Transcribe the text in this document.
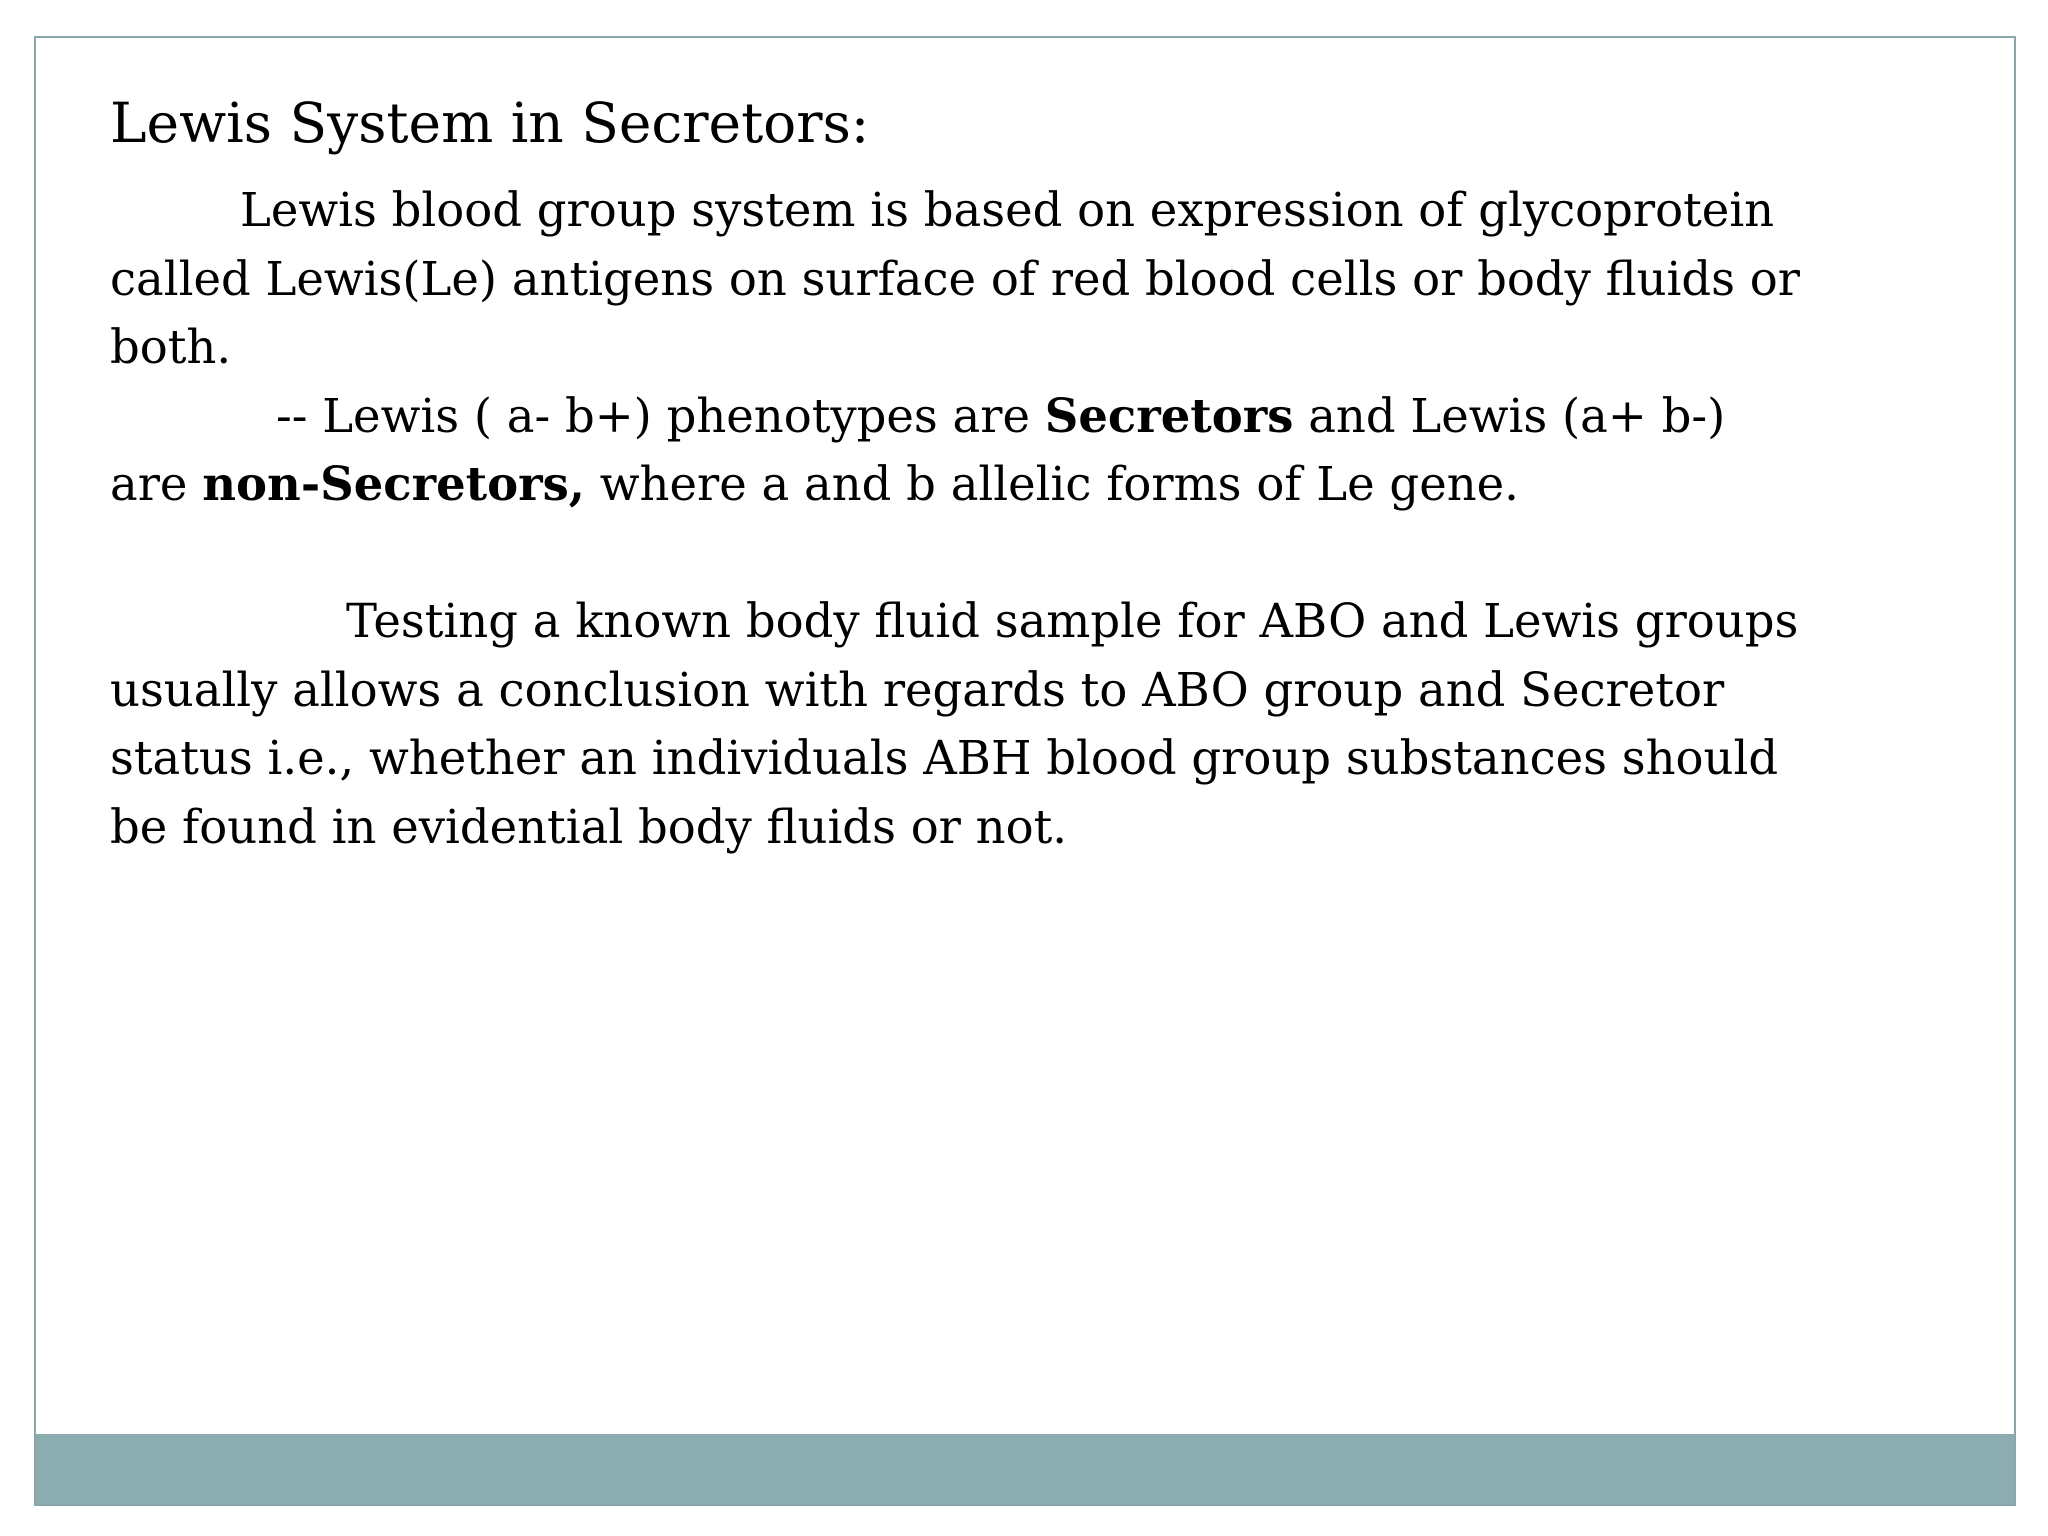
Lewis System in Secretors:
Lewis blood group system is based on expression of glycoprotein
called Lewis(Le) antigens on surface of red blood cells or body fluids or
both.
-- Lewis ( a- b+) phenotypes are Secretors and Lewis (a+ b-)
are non-Secretors, where a and b allelic forms of Le gene.
Testing a known body fluid sample for ABO and Lewis groups
usually allows a conclusion with regards to ABO group and Secretor
status i.e., whether an individuals ABH blood group substances should
be found in evidential body fluids or not.
